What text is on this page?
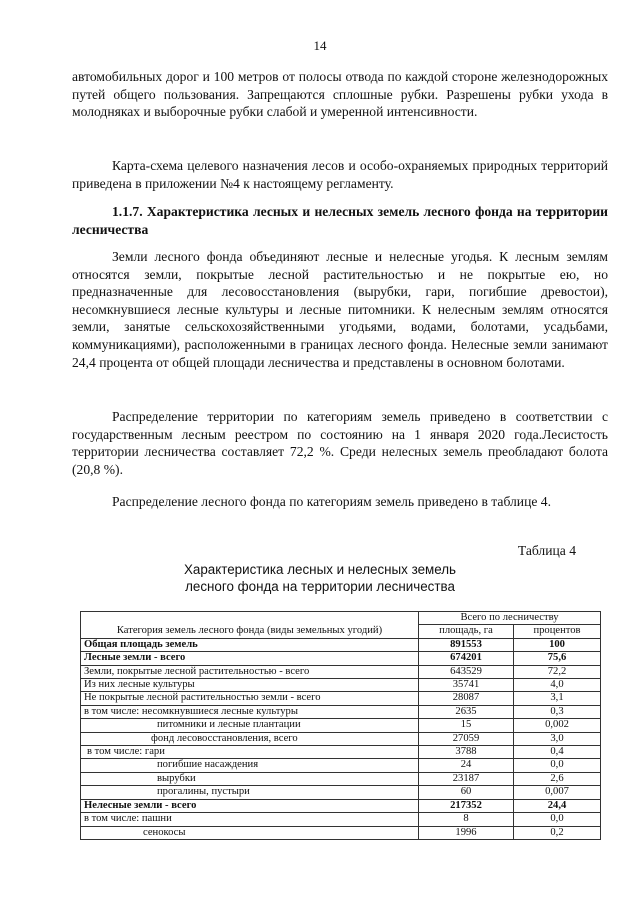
14

автомобильных дорог и 100 метров от полосы отвода по каждой стороне железнодорожных путей общего пользования. Запрещаются сплошные рубки. Разрешены рубки ухода в молодняках и выборочные рубки слабой и умеренной интенсивности.

Карта-схема целевого назначения лесов и особо-охраняемых природных территорий приведена в приложении №4 к настоящему регламенту.

1.1.7. Характеристика лесных и нелесных земель лесного фонда на территории лесничества

Земли лесного фонда объединяют лесные и нелесные угодья. К лесным землям относятся земли, покрытые лесной растительностью и не покрытые ею, но предназначенные для лесовосстановления (вырубки, гари, погибшие древостои), несомкнувшиеся лесные культуры и лесные питомники. К нелесным землям относятся земли, занятые сельскохозяйственными угодьями, водами, болотами, усадьбами, коммуникациями), расположенными в границах лесного фонда. Нелесные земли занимают 24,4 процента от общей площади лесничества и представлены в основном болотами.

Распределение территории по категориям земель приведено в соответствии с государственным лесным реестром по состоянию на 1 января 2020 года.Лесистость территории лесничества составляет 72,2 %. Среди нелесных земель преобладают болота (20,8 %).

Распределение лесного фонда по категориям земель приведено в таблице 4.

Таблица 4
Характеристика лесных и нелесных земель
лесного фонда на территории лесничества
	Всего по лесничеству	
Категория земель лесного фонда (виды земельных угодий)	площадь, га	процентов
Общая площадь земель	891553	100
Лесные земли - всего	674201	75,6
Земли, покрытые лесной растительностью - всего	643529	72,2
Из них лесные культуры	35741	4,0
Не покрытые лесной растительностью земли - всего	28087	3,1
в том числе: несомкнувшиеся лесные культуры	2635	0,3
питомники и лесные плантации	15	0,002
фонд лесовосстановления, всего	27059	3,0
в том числе: гари	3788	0,4
погибшие насаждения	24	0,0
вырубки	23187	2,6
прогалины, пустыри	60	0,007
Нелесные земли - всего	217352	24,4
в том числе: пашни	8	0,0
сенокосы	1996	0,2
